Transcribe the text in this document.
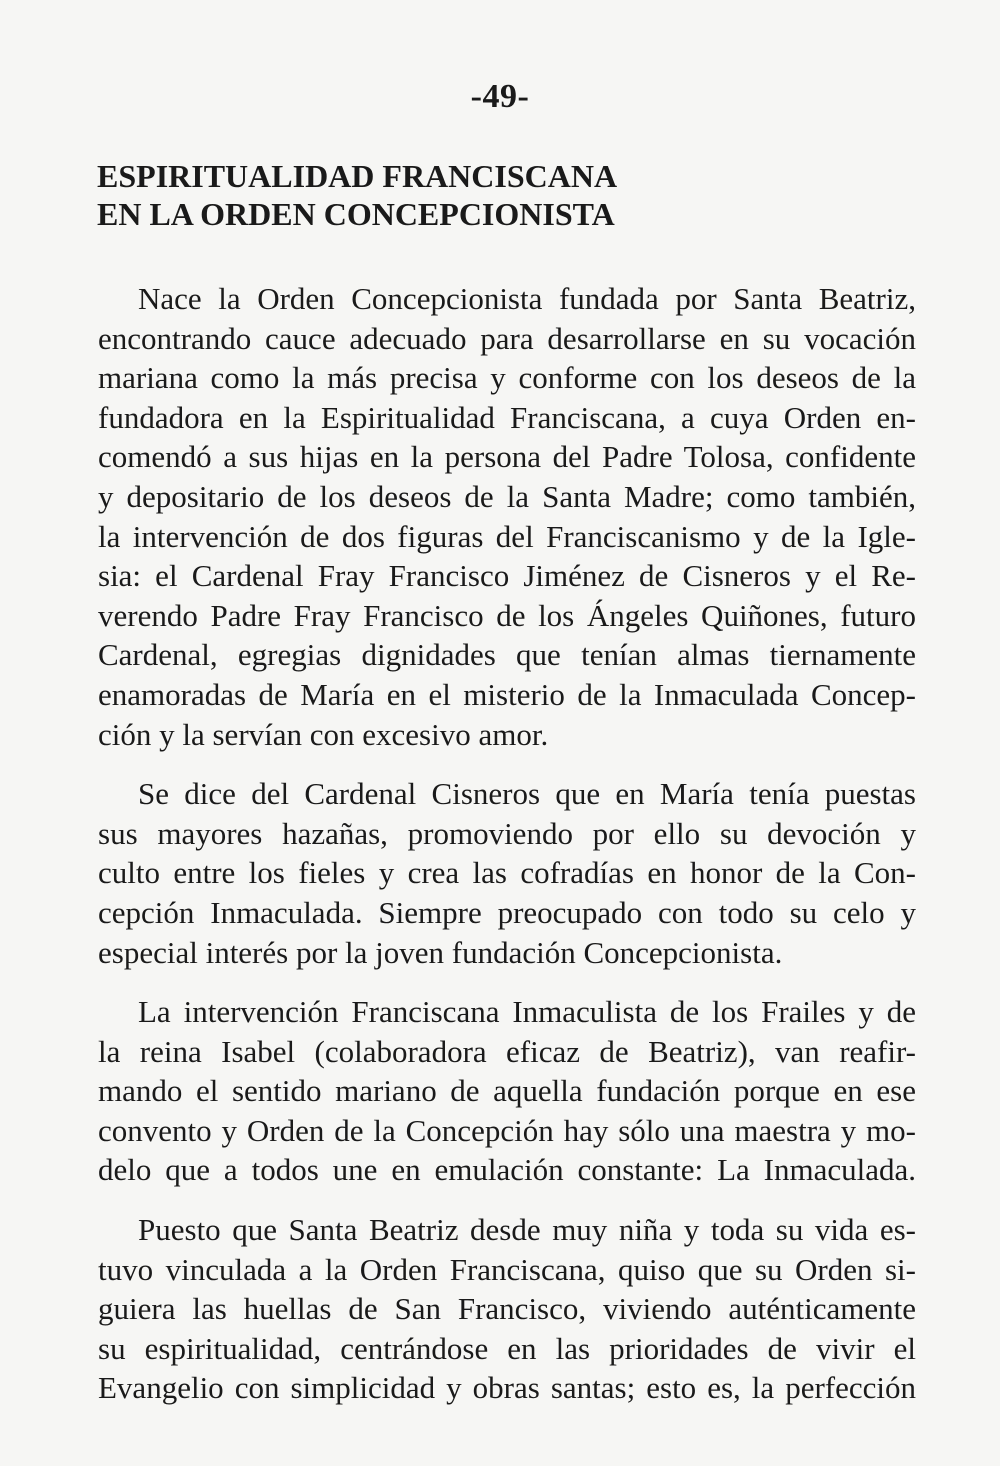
-49-
ESPIRITUALIDAD FRANCISCANA
EN LA ORDEN CONCEPCIONISTA

Nace la Orden Concepcionista fundada por Santa Beatriz,
encontrando cauce adecuado para desarrollarse en su vocación
mariana como la más precisa y conforme con los deseos de la
fundadora en la Espiritualidad Franciscana, a cuya Orden en-
comendó a sus hijas en la persona del Padre Tolosa, confidente
y depositario de los deseos de la Santa Madre; como también,
la intervención de dos figuras del Franciscanismo y de la Igle-
sia: el Cardenal Fray Francisco Jiménez de Cisneros y el Re-
verendo Padre Fray Francisco de los Ángeles Quiñones, futuro
Cardenal, egregias dignidades que tenían almas tiernamente
enamoradas de María en el misterio de la Inmaculada Concep-
ción y la servían con excesivo amor.

Se dice del Cardenal Cisneros que en María tenía puestas
sus mayores hazañas, promoviendo por ello su devoción y
culto entre los fieles y crea las cofradías en honor de la Con-
cepción Inmaculada. Siempre preocupado con todo su celo y
especial interés por la joven fundación Concepcionista.

La intervención Franciscana Inmaculista de los Frailes y de
la reina Isabel (colaboradora eficaz de Beatriz), van reafir-
mando el sentido mariano de aquella fundación porque en ese
convento y Orden de la Concepción hay sólo una maestra y mo-
delo que a todos une en emulación constante: La Inmaculada.

Puesto que Santa Beatriz desde muy niña y toda su vida es-
tuvo vinculada a la Orden Franciscana, quiso que su Orden si-
guiera las huellas de San Francisco, viviendo auténticamente
su espiritualidad, centrándose en las prioridades de vivir el
Evangelio con simplicidad y obras santas; esto es, la perfección
